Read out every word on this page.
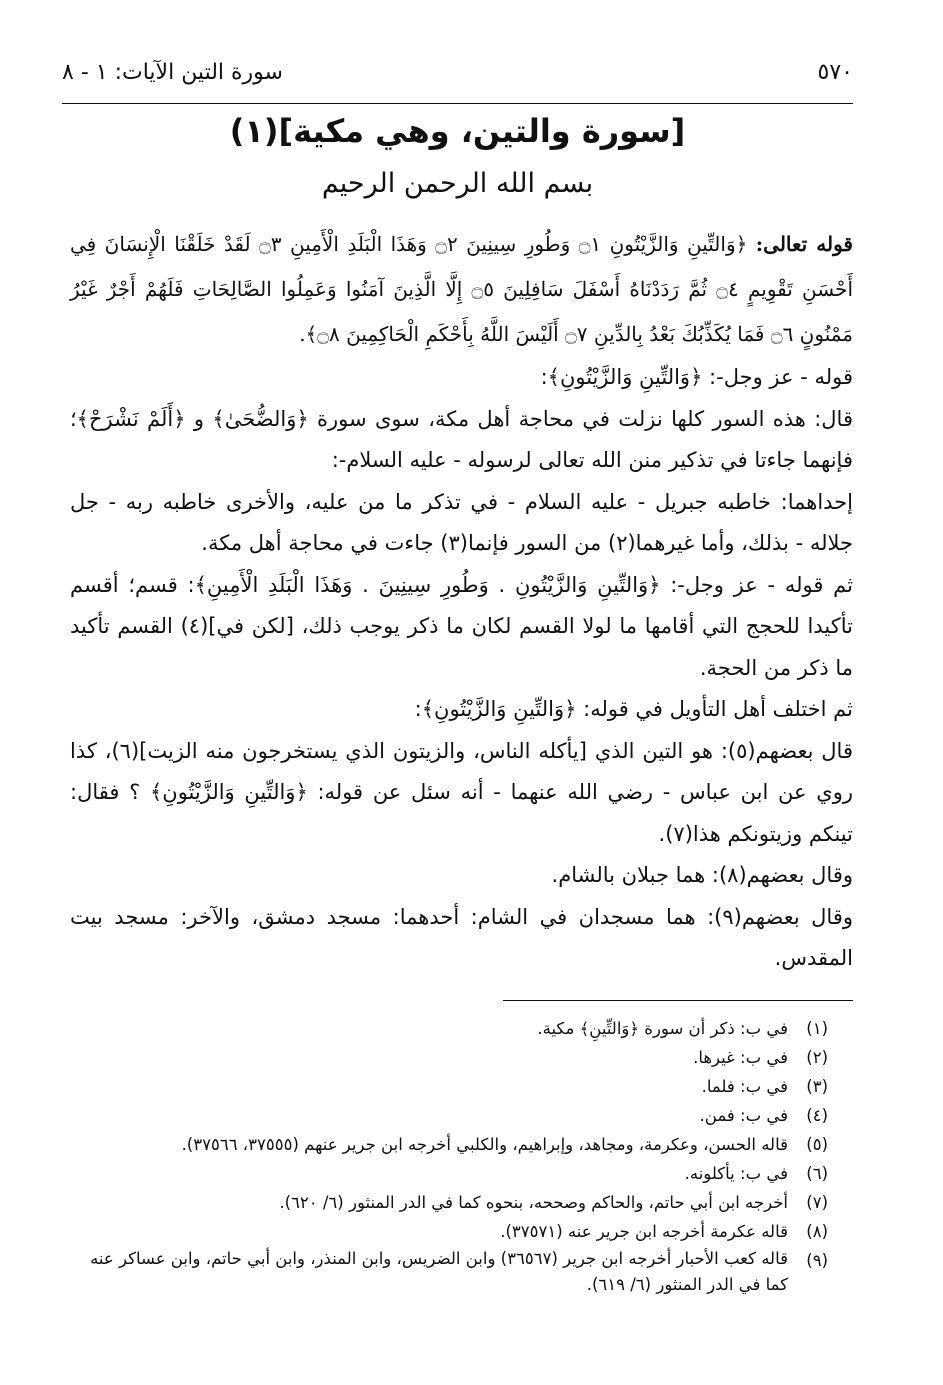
٥٧٠
سورة التين الآيات: ١ - ٨
[سورة والتين، وهي مكية](١)
بسم الله الرحمن الرحيم

قوله تعالى: ﴿وَالتِّينِ وَالزَّيْتُونِ ۝١ وَطُورِ سِينِينَ ۝٢ وَهَذَا الْبَلَدِ الْأَمِينِ ۝٣ لَقَدْ خَلَقْنَا الْإِنسَانَ فِي أَحْسَنِ تَقْوِيمٍ ۝٤ ثُمَّ رَدَدْنَاهُ أَسْفَلَ سَافِلِينَ ۝٥ إِلَّا الَّذِينَ آمَنُوا وَعَمِلُوا الصَّالِحَاتِ فَلَهُمْ أَجْرٌ غَيْرُ مَمْنُونٍ ۝٦ فَمَا يُكَذِّبُكَ بَعْدُ بِالدِّينِ ۝٧ أَلَيْسَ اللَّهُ بِأَحْكَمِ الْحَاكِمِينَ ۝٨﴾.

قوله - عز وجل-: ﴿وَالتِّينِ وَالزَّيْتُونِ﴾:

قال: هذه السور كلها نزلت في محاجة أهل مكة، سوى سورة ﴿وَالضُّحَىٰ﴾ و ﴿أَلَمْ نَشْرَحْ﴾؛ فإنهما جاءتا في تذكير منن الله تعالى لرسوله - عليه السلام-:

إحداهما: خاطبه جبريل - عليه السلام - في تذكر ما من عليه، والأخرى خاطبه ربه - جل جلاله - بذلك، وأما غيرهما(٢) من السور فإنما(٣) جاءت في محاجة أهل مكة.

ثم قوله - عز وجل-: ﴿وَالتِّينِ وَالزَّيْتُونِ . وَطُورِ سِينِينَ . وَهَذَا الْبَلَدِ الْأَمِينِ﴾: قسم؛ أقسم تأكيدا للحجج التي أقامها ما لولا القسم لكان ما ذكر يوجب ذلك، [لكن في](٤) القسم تأكيد ما ذكر من الحجة.

ثم اختلف أهل التأويل في قوله: ﴿وَالتِّينِ وَالزَّيْتُونِ﴾:

قال بعضهم(٥): هو التين الذي [يأكله الناس، والزيتون الذي يستخرجون منه الزيت](٦)، كذا روي عن ابن عباس - رضي الله عنهما - أنه سئل عن قوله: ﴿وَالتِّينِ وَالزَّيْتُونِ﴾ ؟ فقال: تينكم وزيتونكم هذا(٧).

وقال بعضهم(٨): هما جبلان بالشام.

وقال بعضهم(٩): هما مسجدان في الشام: أحدهما: مسجد دمشق، والآخر: مسجد بيت المقدس.

(١)
في ب: ذكر أن سورة ﴿وَالتِّينِ﴾ مكية.
(٢)
في ب: غيرها.
(٣)
في ب: فلما.
(٤)
في ب: فمن.
(٥)
قاله الحسن، وعكرمة، ومجاهد، وإبراهيم، والكلبي أخرجه ابن جرير عنهم (٣٧٥٥٥، ٣٧٥٦٦).
(٦)
في ب: يأكلونه.
(٧)
أخرجه ابن أبي حاتم، والحاكم وصححه، بنحوه كما في الدر المنثور (٦/ ٦٢٠).
(٨)
قاله عكرمة أخرجه ابن جرير عنه (٣٧٥٧١).
(٩)
قاله كعب الأحبار أخرجه ابن جرير (٣٦٥٦٧) وابن الضريس، وابن المنذر، وابن أبي حاتم، وابن عساكر عنه كما في الدر المنثور (٦/ ٦١٩).
